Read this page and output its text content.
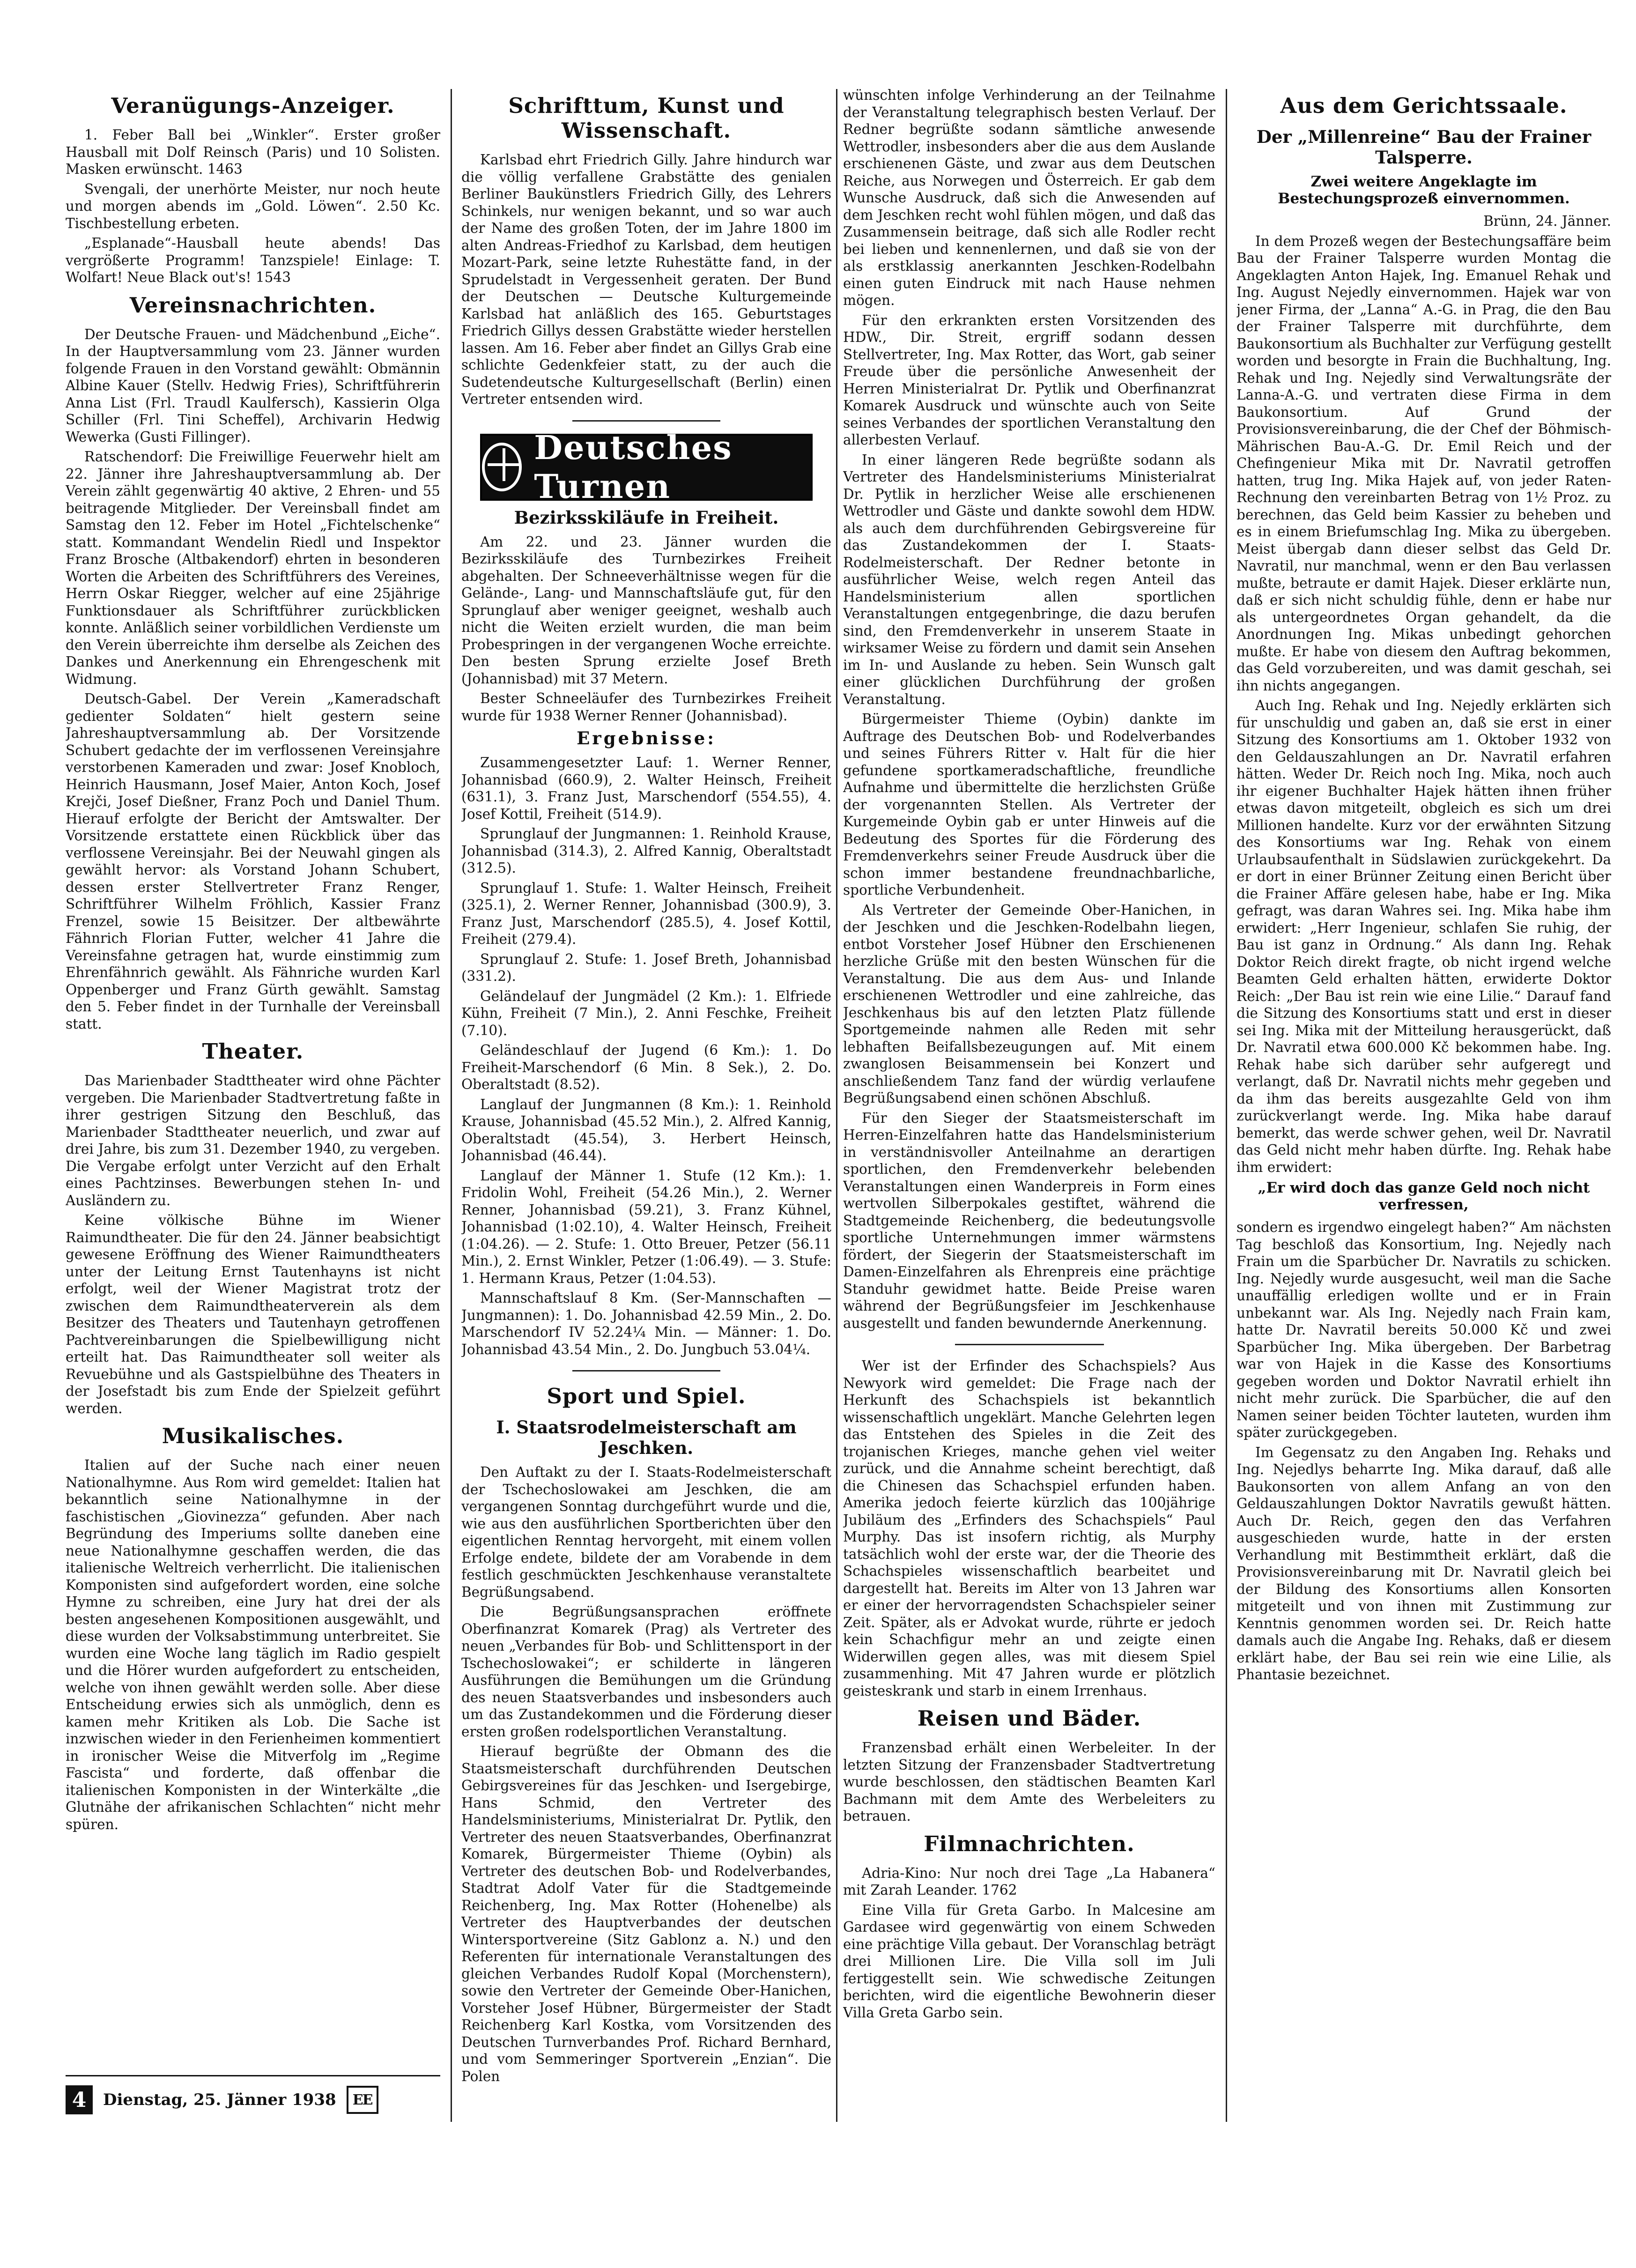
Veranügungs-Anzeiger.

1. Feber Ball bei „Winkler“. Erster großer Hausball mit Dolf Reinsch (Paris) und 10 Solisten. Masken erwünscht. 1463

Svengali, der unerhörte Meister, nur noch heute und morgen abends im „Gold. Löwen“. 2.50 Kc. Tischbestellung erbeten.

„Esplanade“-Hausball heute abends! Das vergrößerte Programm! Tanzspiele! Einlage: T. Wolfart! Neue Black out's! 1543

Vereinsnachrichten.

Der Deutsche Frauen- und Mädchenbund „Eiche“. In der Hauptversammlung vom 23. Jänner wurden folgende Frauen in den Vorstand gewählt: Obmännin Albine Kauer (Stellv. Hedwig Fries), Schriftführerin Anna List (Frl. Traudl Kaulfersch), Kassierin Olga Schiller (Frl. Tini Scheffel), Archivarin Hedwig Wewerka (Gusti Fillinger).

Ratschendorf: Die Freiwillige Feuerwehr hielt am 22. Jänner ihre Jahreshauptversammlung ab. Der Verein zählt gegenwärtig 40 aktive, 2 Ehren- und 55 beitragende Mitglieder. Der Vereinsball findet am Samstag den 12. Feber im Hotel „Fichtelschenke“ statt. Kommandant Wendelin Riedl und Inspektor Franz Brosche (Altbakendorf) ehrten in besonderen Worten die Arbeiten des Schriftführers des Vereines, Herrn Oskar Riegger, welcher auf eine 25jährige Funktionsdauer als Schriftführer zurückblicken konnte. Anläßlich seiner vorbildlichen Verdienste um den Verein überreichte ihm derselbe als Zeichen des Dankes und Anerkennung ein Ehrengeschenk mit Widmung.

Deutsch-Gabel. Der Verein „Kameradschaft gedienter Soldaten“ hielt gestern seine Jahreshauptversammlung ab. Der Vorsitzende Schubert gedachte der im verflossenen Vereinsjahre verstorbenen Kameraden und zwar: Josef Knobloch, Heinrich Hausmann, Josef Maier, Anton Koch, Josef Krejči, Josef Dießner, Franz Poch und Daniel Thum. Hierauf erfolgte der Bericht der Amtswalter. Der Vorsitzende erstattete einen Rückblick über das verflossene Vereinsjahr. Bei der Neuwahl gingen als gewählt hervor: als Vorstand Johann Schubert, dessen erster Stellvertreter Franz Renger, Schriftführer Wilhelm Fröhlich, Kassier Franz Frenzel, sowie 15 Beisitzer. Der altbewährte Fähnrich Florian Futter, welcher 41 Jahre die Vereinsfahne getragen hat, wurde einstimmig zum Ehrenfähnrich gewählt. Als Fähnriche wurden Karl Oppenberger und Franz Gürth gewählt. Samstag den 5. Feber findet in der Turnhalle der Vereinsball statt.

Theater.

Das Marienbader Stadttheater wird ohne Pächter vergeben. Die Marienbader Stadtvertretung faßte in ihrer gestrigen Sitzung den Beschluß, das Marienbader Stadttheater neuerlich, und zwar auf drei Jahre, bis zum 31. Dezember 1940, zu vergeben. Die Vergabe erfolgt unter Verzicht auf den Erhalt eines Pachtzinses. Bewerbungen stehen In- und Ausländern zu.

Keine völkische Bühne im Wiener Raimundtheater. Die für den 24. Jänner beabsichtigt gewesene Eröffnung des Wiener Raimundtheaters unter der Leitung Ernst Tautenhayns ist nicht erfolgt, weil der Wiener Magistrat trotz der zwischen dem Raimundtheaterverein als dem Besitzer des Theaters und Tautenhayn getroffenen Pachtvereinbarungen die Spielbewilligung nicht erteilt hat. Das Raimundtheater soll weiter als Revuebühne und als Gastspielbühne des Theaters in der Josefstadt bis zum Ende der Spielzeit geführt werden.

Musikalisches.

Italien auf der Suche nach einer neuen Nationalhymne. Aus Rom wird gemeldet: Italien hat bekanntlich seine Nationalhymne in der faschistischen „Giovinezza“ gefunden. Aber nach Begründung des Imperiums sollte daneben eine neue Nationalhymne geschaffen werden, die das italienische Weltreich verherrlicht. Die italienischen Komponisten sind aufgefordert worden, eine solche Hymne zu schreiben, eine Jury hat drei der als besten angesehenen Kompositionen ausgewählt, und diese wurden der Volksabstimmung unterbreitet. Sie wurden eine Woche lang täglich im Radio gespielt und die Hörer wurden aufgefordert zu entscheiden, welche von ihnen gewählt werden solle. Aber diese Entscheidung erwies sich als unmöglich, denn es kamen mehr Kritiken als Lob. Die Sache ist inzwischen wieder in den Ferienheimen kommentiert in ironischer Weise die Mitverfolg im „Regime Fascista“ und forderte, daß offenbar die italienischen Komponisten in der Winterkälte „die Glutnähe der afrikanischen Schlachten“ nicht mehr spüren.

4	Dienstag, 25. Jänner 1938	EE
Schrifttum, Kunst und Wissenschaft.

Karlsbad ehrt Friedrich Gilly. Jahre hindurch war die völlig verfallene Grabstätte des genialen Berliner Baukünstlers Friedrich Gilly, des Lehrers Schinkels, nur wenigen bekannt, und so war auch der Name des großen Toten, der im Jahre 1800 im alten Andreas-Friedhof zu Karlsbad, dem heutigen Mozart-Park, seine letzte Ruhestätte fand, in der Sprudelstadt in Vergessenheit geraten. Der Bund der Deutschen — Deutsche Kulturgemeinde Karlsbad hat anläßlich des 165. Geburtstages Friedrich Gillys dessen Grabstätte wieder herstellen lassen. Am 16. Feber aber findet an Gillys Grab eine schlichte Gedenkfeier statt, zu der auch die Sudetendeutsche Kulturgesellschaft (Berlin) einen Vertreter entsenden wird.

Deutsches Turnen
Bezirksskiläufe in Freiheit.

Am 22. und 23. Jänner wurden die Bezirksskiläufe des Turnbezirkes Freiheit abgehalten. Der Schneeverhältnisse wegen für die Gelände-, Lang- und Mannschaftsläufe gut, für den Sprunglauf aber weniger geeignet, weshalb auch nicht die Weiten erzielt wurden, die man beim Probespringen in der vergangenen Woche erreichte. Den besten Sprung erzielte Josef Breth (Johannisbad) mit 37 Metern.

Bester Schneeläufer des Turnbezirkes Freiheit wurde für 1938 Werner Renner (Johannisbad).

Ergebnisse:

Zusammengesetzter Lauf: 1. Werner Renner, Johannisbad (660.9), 2. Walter Heinsch, Freiheit (631.1), 3. Franz Just, Marschendorf (554.55), 4. Josef Kottil, Freiheit (514.9).

Sprunglauf der Jungmannen: 1. Reinhold Krause, Johannisbad (314.3), 2. Alfred Kannig, Oberaltstadt (312.5).

Sprunglauf 1. Stufe: 1. Walter Heinsch, Freiheit (325.1), 2. Werner Renner, Johannisbad (300.9), 3. Franz Just, Marschendorf (285.5), 4. Josef Kottil, Freiheit (279.4).

Sprunglauf 2. Stufe: 1. Josef Breth, Johannisbad (331.2).

Geländelauf der Jungmädel (2 Km.): 1. Elfriede Kühn, Freiheit (7 Min.), 2. Anni Feschke, Freiheit (7.10).

Geländeschlauf der Jugend (6 Km.): 1. Do Freiheit-Marschendorf (6 Min. 8 Sek.), 2. Do. Oberaltstadt (8.52).

Langlauf der Jungmannen (8 Km.): 1. Reinhold Krause, Johannisbad (45.52 Min.), 2. Alfred Kannig, Oberaltstadt (45.54), 3. Herbert Heinsch, Johannisbad (46.44).

Langlauf der Männer 1. Stufe (12 Km.): 1. Fridolin Wohl, Freiheit (54.26 Min.), 2. Werner Renner, Johannisbad (59.21), 3. Franz Kühnel, Johannisbad (1:02.10), 4. Walter Heinsch, Freiheit (1:04.26). — 2. Stufe: 1. Otto Breuer, Petzer (56.11 Min.), 2. Ernst Winkler, Petzer (1:06.49). — 3. Stufe: 1. Hermann Kraus, Petzer (1:04.53).

Mannschaftslauf 8 Km. (Ser-Mannschaften — Jungmannen): 1. Do. Johannisbad 42.59 Min., 2. Do. Marschendorf IV 52.24¼ Min. — Männer: 1. Do. Johannisbad 43.54 Min., 2. Do. Jungbuch 53.04¼.

Sport und Spiel.
I. Staatsrodelmeisterschaft am Jeschken.

Den Auftakt zu der I. Staats-Rodelmeisterschaft der Tschechoslowakei am Jeschken, die am vergangenen Sonntag durchgeführt wurde und die, wie aus den ausführlichen Sportberichten über den eigentlichen Renntag hervorgeht, mit einem vollen Erfolge endete, bildete der am Vorabende in dem festlich geschmückten Jeschkenhause veranstaltete Begrüßungsabend.

Die Begrüßungsansprachen eröffnete Oberfinanzrat Komarek (Prag) als Vertreter des neuen „Verbandes für Bob- und Schlittensport in der Tschechoslowakei“; er schilderte in längeren Ausführungen die Bemühungen um die Gründung des neuen Staatsverbandes und insbesonders auch um das Zustandekommen und die Förderung dieser ersten großen rodelsportlichen Veranstaltung.

Hierauf begrüßte der Obmann des die Staatsmeisterschaft durchführenden Deutschen Gebirgsvereines für das Jeschken- und Isergebirge, Hans Schmid, den Vertreter des Handelsministeriums, Ministerialrat Dr. Pytlik, den Vertreter des neuen Staatsverbandes, Oberfinanzrat Komarek, Bürgermeister Thieme (Oybin) als Vertreter des deutschen Bob- und Rodelverbandes, Stadtrat Adolf Vater für die Stadtgemeinde Reichenberg, Ing. Max Rotter (Hohenelbe) als Vertreter des Hauptverbandes der deutschen Wintersportvereine (Sitz Gablonz a. N.) und den Referenten für internationale Veranstaltungen des gleichen Verbandes Rudolf Kopal (Morchenstern), sowie den Vertreter der Gemeinde Ober-Hanichen, Vorsteher Josef Hübner, Bürgermeister der Stadt Reichenberg Karl Kostka, vom Vorsitzenden des Deutschen Turnverbandes Prof. Richard Bernhard, und vom Semmeringer Sportverein „Enzian“. Die Polen

wünschten infolge Verhinderung an der Teilnahme der Veranstaltung telegraphisch besten Verlauf. Der Redner begrüßte sodann sämtliche anwesende Wettrodler, insbesonders aber die aus dem Auslande erschienenen Gäste, und zwar aus dem Deutschen Reiche, aus Norwegen und Österreich. Er gab dem Wunsche Ausdruck, daß sich die Anwesenden auf dem Jeschken recht wohl fühlen mögen, und daß das Zusammensein beitrage, daß sich alle Rodler recht bei lieben und kennenlernen, und daß sie von der als erstklassig anerkannten Jeschken-Rodelbahn einen guten Eindruck mit nach Hause nehmen mögen.

Für den erkrankten ersten Vorsitzenden des HDW., Dir. Streit, ergriff sodann dessen Stellvertreter, Ing. Max Rotter, das Wort, gab seiner Freude über die persönliche Anwesenheit der Herren Ministerialrat Dr. Pytlik und Oberfinanzrat Komarek Ausdruck und wünschte auch von Seite seines Verbandes der sportlichen Veranstaltung den allerbesten Verlauf.

In einer längeren Rede begrüßte sodann als Vertreter des Handelsministeriums Ministerialrat Dr. Pytlik in herzlicher Weise alle erschienenen Wettrodler und Gäste und dankte sowohl dem HDW. als auch dem durchführenden Gebirgsvereine für das Zustandekommen der I. Staats-Rodelmeisterschaft. Der Redner betonte in ausführlicher Weise, welch regen Anteil das Handelsministerium allen sportlichen Veranstaltungen entgegenbringe, die dazu berufen sind, den Fremdenverkehr in unserem Staate in wirksamer Weise zu fördern und damit sein Ansehen im In- und Auslande zu heben. Sein Wunsch galt einer glücklichen Durchführung der großen Veranstaltung.

Bürgermeister Thieme (Oybin) dankte im Auftrage des Deutschen Bob- und Rodelverbandes und seines Führers Ritter v. Halt für die hier gefundene sportkameradschaftliche, freundliche Aufnahme und übermittelte die herzlichsten Grüße der vorgenannten Stellen. Als Vertreter der Kurgemeinde Oybin gab er unter Hinweis auf die Bedeutung des Sportes für die Förderung des Fremdenverkehrs seiner Freude Ausdruck über die schon immer bestandene freundnachbarliche, sportliche Verbundenheit.

Als Vertreter der Gemeinde Ober-Hanichen, in der Jeschken und die Jeschken-Rodelbahn liegen, entbot Vorsteher Josef Hübner den Erschienenen herzliche Grüße mit den besten Wünschen für die Veranstaltung. Die aus dem Aus- und Inlande erschienenen Wettrodler und eine zahlreiche, das Jeschkenhaus bis auf den letzten Platz füllende Sportgemeinde nahmen alle Reden mit sehr lebhaften Beifallsbezeugungen auf. Mit einem zwanglosen Beisammensein bei Konzert und anschließendem Tanz fand der würdig verlaufene Begrüßungsabend einen schönen Abschluß.

Für den Sieger der Staatsmeisterschaft im Herren-Einzelfahren hatte das Handelsministerium in verständnisvoller Anteilnahme an derartigen sportlichen, den Fremdenverkehr belebenden Veranstaltungen einen Wanderpreis in Form eines wertvollen Silberpokales gestiftet, während die Stadtgemeinde Reichenberg, die bedeutungsvolle sportliche Unternehmungen immer wärmstens fördert, der Siegerin der Staatsmeisterschaft im Damen-Einzelfahren als Ehrenpreis eine prächtige Standuhr gewidmet hatte. Beide Preise waren während der Begrüßungsfeier im Jeschkenhause ausgestellt und fanden bewundernde Anerkennung.

Wer ist der Erfinder des Schachspiels? Aus Newyork wird gemeldet: Die Frage nach der Herkunft des Schachspiels ist bekanntlich wissenschaftlich ungeklärt. Manche Gelehrten legen das Entstehen des Spieles in die Zeit des trojanischen Krieges, manche gehen viel weiter zurück, und die Annahme scheint berechtigt, daß die Chinesen das Schachspiel erfunden haben. Amerika jedoch feierte kürzlich das 100jährige Jubiläum des „Erfinders des Schachspiels“ Paul Murphy. Das ist insofern richtig, als Murphy tatsächlich wohl der erste war, der die Theorie des Schachspieles wissenschaftlich bearbeitet und dargestellt hat. Bereits im Alter von 13 Jahren war er einer der hervorragendsten Schachspieler seiner Zeit. Später, als er Advokat wurde, rührte er jedoch kein Schachfigur mehr an und zeigte einen Widerwillen gegen alles, was mit diesem Spiel zusammenhing. Mit 47 Jahren wurde er plötzlich geisteskrank und starb in einem Irrenhaus.

Reisen und Bäder.

Franzensbad erhält einen Werbeleiter. In der letzten Sitzung der Franzensbader Stadtvertretung wurde beschlossen, den städtischen Beamten Karl Bachmann mit dem Amte des Werbeleiters zu betrauen.

Filmnachrichten.

Adria-Kino: Nur noch drei Tage „La Habanera“ mit Zarah Leander. 1762

Eine Villa für Greta Garbo. In Malcesine am Gardasee wird gegenwärtig von einem Schweden eine prächtige Villa gebaut. Der Voranschlag beträgt drei Millionen Lire. Die Villa soll im Juli fertiggestellt sein. Wie schwedische Zeitungen berichten, wird die eigentliche Bewohnerin dieser Villa Greta Garbo sein.

Aus dem Gerichtssaale.
Der „Millenreine“ Bau der Frainer Talsperre.
Zwei weitere Angeklagte im Bestechungsprozeß einvernommen.

Brünn, 24. Jänner.

In dem Prozeß wegen der Bestechungsaffäre beim Bau der Frainer Talsperre wurden Montag die Angeklagten Anton Hajek, Ing. Emanuel Rehak und Ing. August Nejedly einvernommen. Hajek war von jener Firma, der „Lanna“ A.-G. in Prag, die den Bau der Frainer Talsperre mit durchführte, dem Baukonsortium als Buchhalter zur Verfügung gestellt worden und besorgte in Frain die Buchhaltung, Ing. Rehak und Ing. Nejedly sind Verwaltungsräte der Lanna-A.-G. und vertraten diese Firma in dem Baukonsortium. Auf Grund der Provisionsvereinbarung, die der Chef der Böhmisch-Mährischen Bau-A.-G. Dr. Emil Reich und der Chefingenieur Mika mit Dr. Navratil getroffen hatten, trug Ing. Mika Hajek auf, von jeder Raten-Rechnung den vereinbarten Betrag von 1½ Proz. zu berechnen, das Geld beim Kassier zu beheben und es in einem Briefumschlag Ing. Mika zu übergeben. Meist übergab dann dieser selbst das Geld Dr. Navratil, nur manchmal, wenn er den Bau verlassen mußte, betraute er damit Hajek. Dieser erklärte nun, daß er sich nicht schuldig fühle, denn er habe nur als untergeordnetes Organ gehandelt, da die Anordnungen Ing. Mikas unbedingt gehorchen mußte. Er habe von diesem den Auftrag bekommen, das Geld vorzubereiten, und was damit geschah, sei ihn nichts angegangen.

Auch Ing. Rehak und Ing. Nejedly erklärten sich für unschuldig und gaben an, daß sie erst in einer Sitzung des Konsortiums am 1. Oktober 1932 von den Geldauszahlungen an Dr. Navratil erfahren hätten. Weder Dr. Reich noch Ing. Mika, noch auch ihr eigener Buchhalter Hajek hätten ihnen früher etwas davon mitgeteilt, obgleich es sich um drei Millionen handelte. Kurz vor der erwähnten Sitzung des Konsortiums war Ing. Rehak von einem Urlaubsaufenthalt in Südslawien zurückgekehrt. Da er dort in einer Brünner Zeitung einen Bericht über die Frainer Affäre gelesen habe, habe er Ing. Mika gefragt, was daran Wahres sei. Ing. Mika habe ihm erwidert: „Herr Ingenieur, schlafen Sie ruhig, der Bau ist ganz in Ordnung.“ Als dann Ing. Rehak Doktor Reich direkt fragte, ob nicht irgend welche Beamten Geld erhalten hätten, erwiderte Doktor Reich: „Der Bau ist rein wie eine Lilie.“ Darauf fand die Sitzung des Konsortiums statt und erst in dieser sei Ing. Mika mit der Mitteilung herausgerückt, daß Dr. Navratil etwa 600.000 Kč bekommen habe. Ing. Rehak habe sich darüber sehr aufgeregt und verlangt, daß Dr. Navratil nichts mehr gegeben und da ihm das bereits ausgezahlte Geld von ihm zurückverlangt werde. Ing. Mika habe darauf bemerkt, das werde schwer gehen, weil Dr. Navratil das Geld nicht mehr haben dürfte. Ing. Rehak habe ihm erwidert:

„Er wird doch das ganze Geld noch nicht verfressen,

sondern es irgendwo eingelegt haben?“ Am nächsten Tag beschloß das Konsortium, Ing. Nejedly nach Frain um die Sparbücher Dr. Navratils zu schicken. Ing. Nejedly wurde ausgesucht, weil man die Sache unauffällig erledigen wollte und er in Frain unbekannt war. Als Ing. Nejedly nach Frain kam, hatte Dr. Navratil bereits 50.000 Kč und zwei Sparbücher Ing. Mika übergeben. Der Barbetrag war von Hajek in die Kasse des Konsortiums gegeben worden und Doktor Navratil erhielt ihn nicht mehr zurück. Die Sparbücher, die auf den Namen seiner beiden Töchter lauteten, wurden ihm später zurückgegeben.

Im Gegensatz zu den Angaben Ing. Rehaks und Ing. Nejedlys beharrte Ing. Mika darauf, daß alle Baukonsorten von allem Anfang an von den Geldauszahlungen Doktor Navratils gewußt hätten. Auch Dr. Reich, gegen den das Verfahren ausgeschieden wurde, hatte in der ersten Verhandlung mit Bestimmtheit erklärt, daß die Provisionsvereinbarung mit Dr. Navratil gleich bei der Bildung des Konsortiums allen Konsorten mitgeteilt und von ihnen mit Zustimmung zur Kenntnis genommen worden sei. Dr. Reich hatte damals auch die Angabe Ing. Rehaks, daß er diesem erklärt habe, der Bau sei rein wie eine Lilie, als Phantasie bezeichnet.
